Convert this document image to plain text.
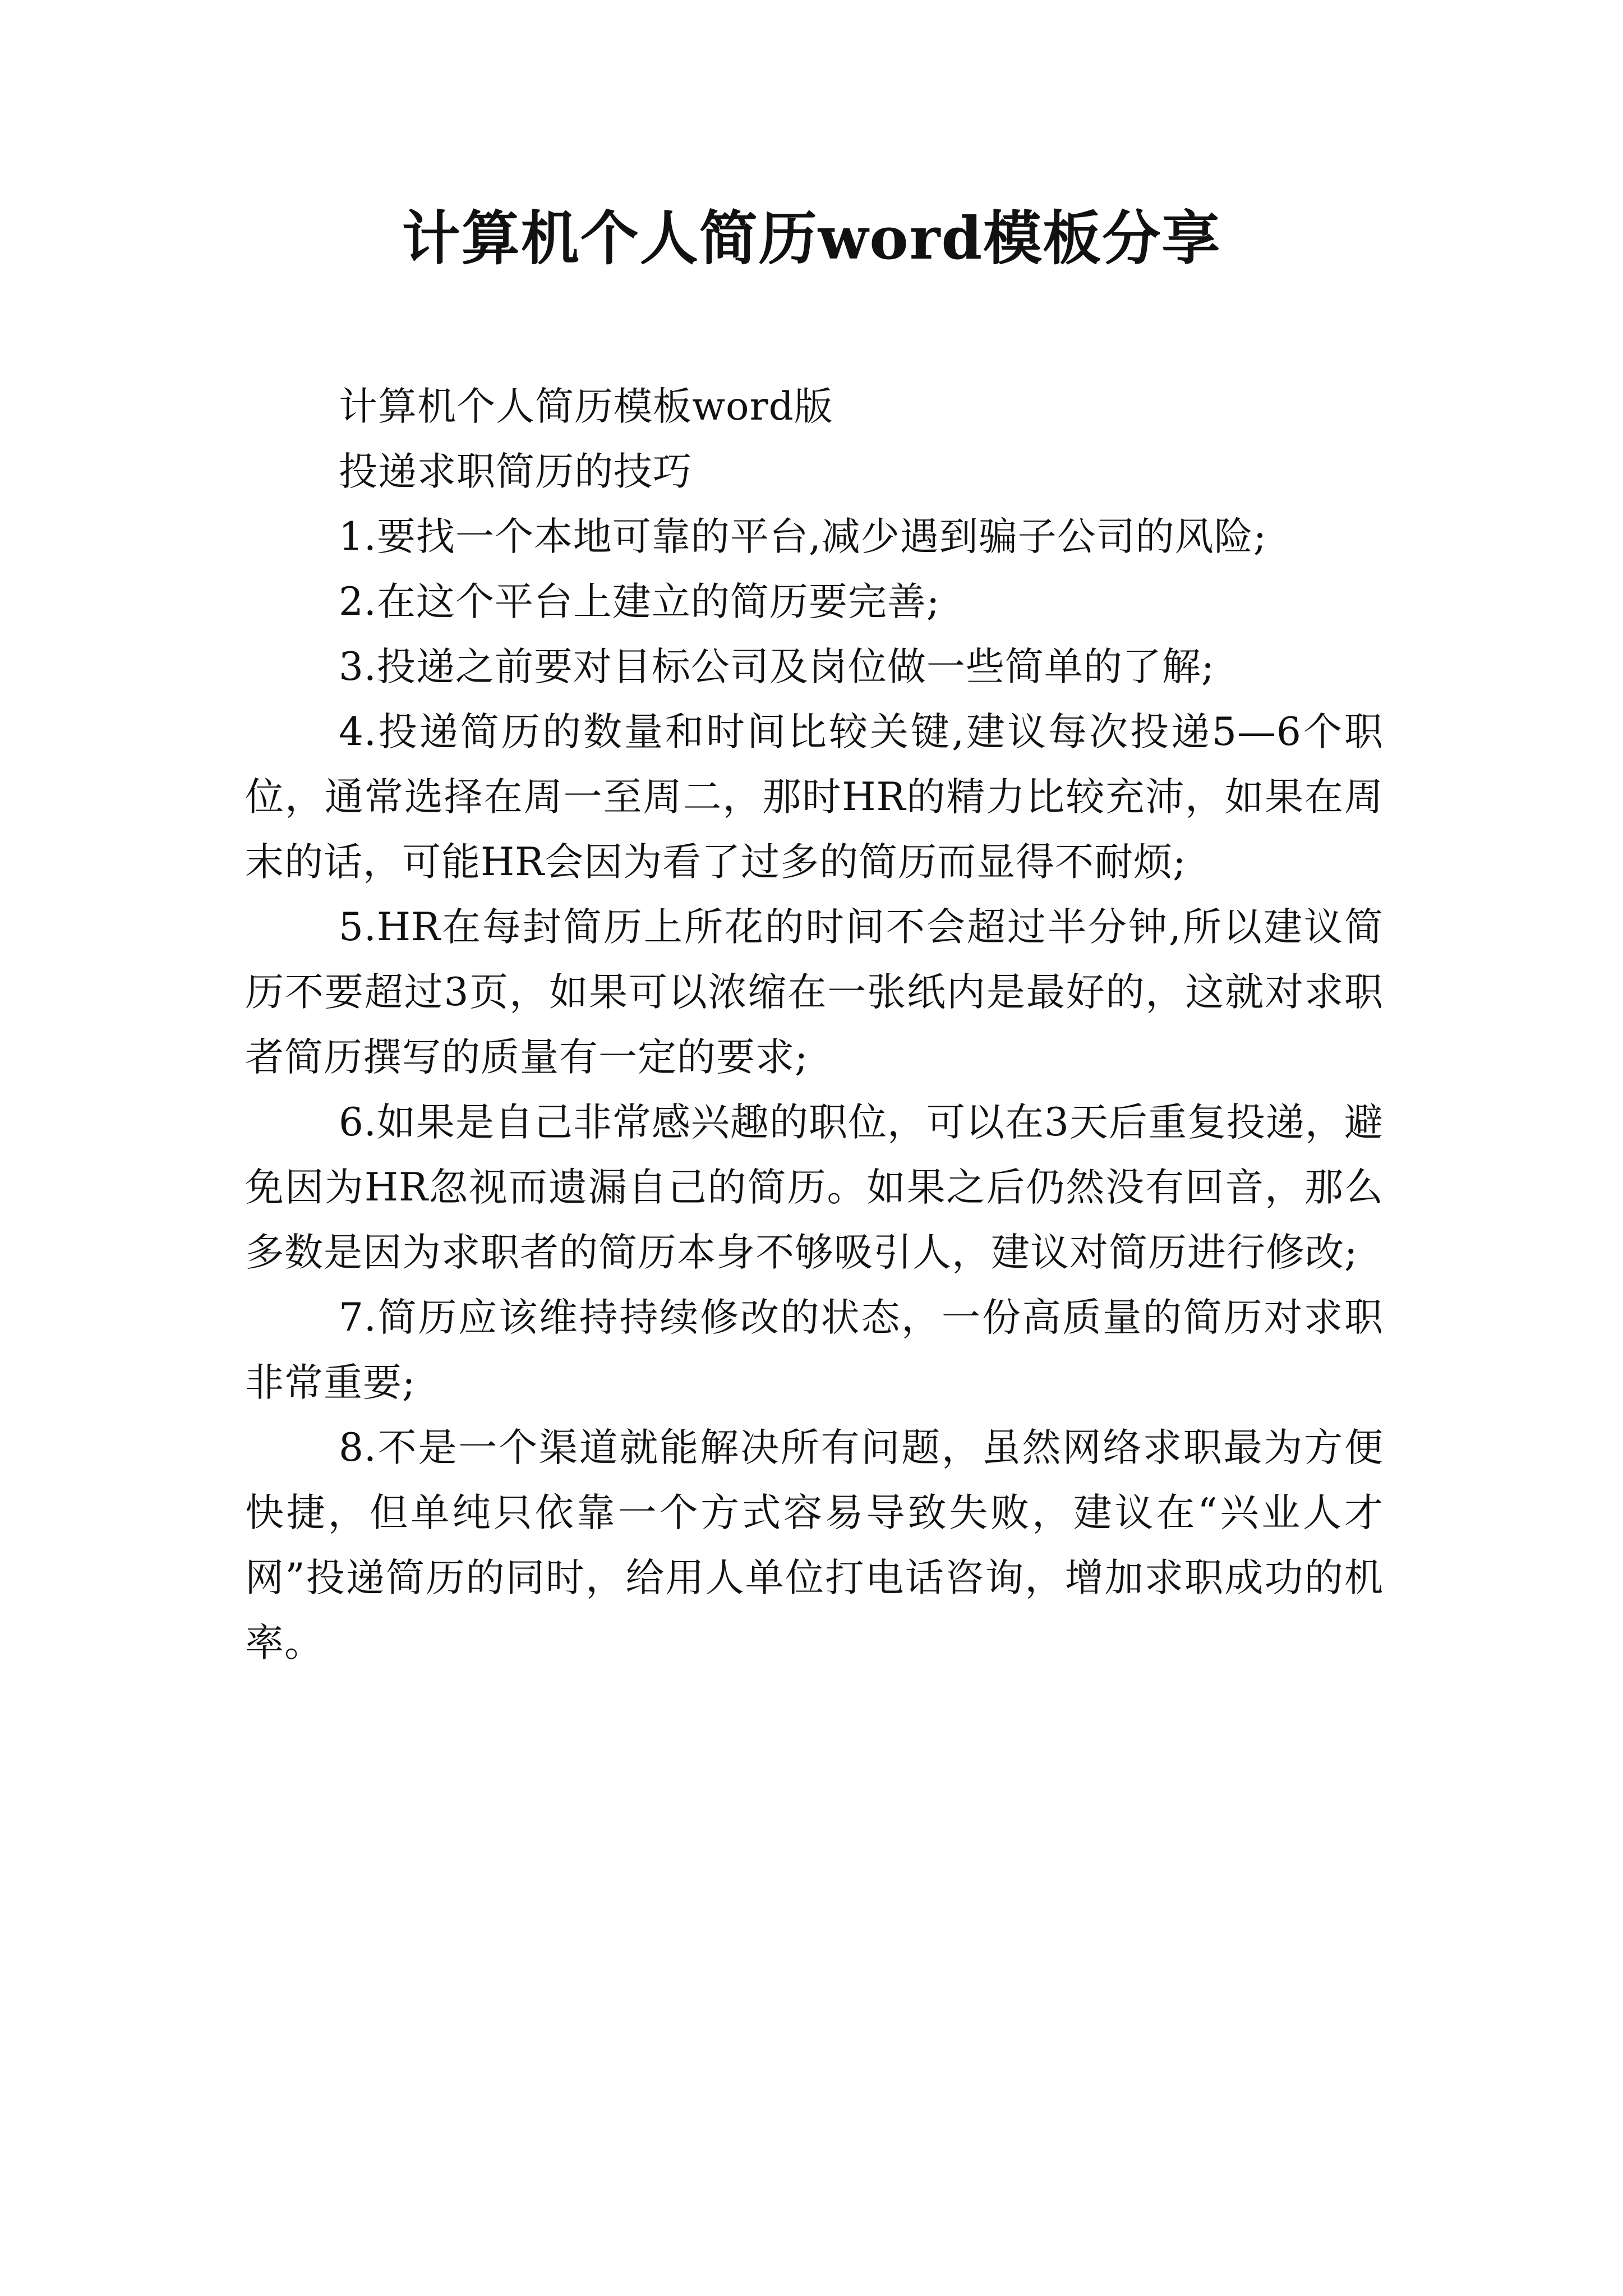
计算机个人简历word模板分享

计算机个人简历模板word版

投递求职简历的技巧

1.要找一个本地可靠的平台,减少遇到骗子公司的风险;

2.在这个平台上建立的简历要完善;

3.投递之前要对目标公司及岗位做一些简单的了解;

4.投递简历的数量和时间比较关键,建议每次投递5—6个职位，通常选择在周一至周二，那时HR的精力比较充沛，如果在周末的话，可能HR会因为看了过多的简历而显得不耐烦;

5.HR在每封简历上所花的时间不会超过半分钟,所以建议简历不要超过3页，如果可以浓缩在一张纸内是最好的，这就对求职者简历撰写的质量有一定的要求;

6.如果是自己非常感兴趣的职位，可以在3天后重复投递，避免因为HR忽视而遗漏自己的简历。如果之后仍然没有回音，那么多数是因为求职者的简历本身不够吸引人，建议对简历进行修改;

7.简历应该维持持续修改的状态，一份高质量的简历对求职非常重要;

8.不是一个渠道就能解决所有问题，虽然网络求职最为方便快捷，但单纯只依靠一个方式容易导致失败，建议在“兴业人才网”投递简历的同时，给用人单位打电话咨询，增加求职成功的机率。
